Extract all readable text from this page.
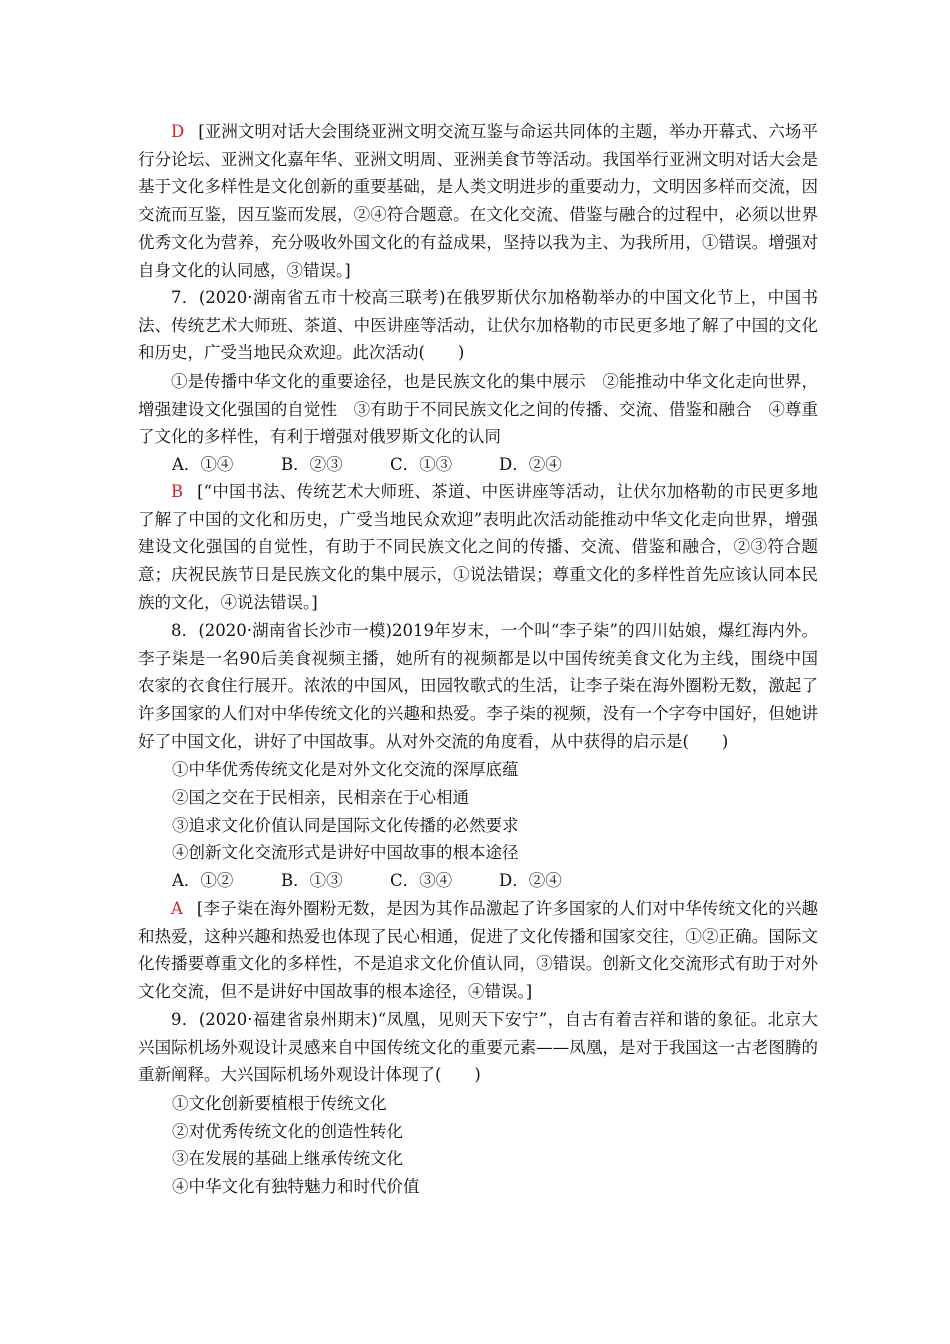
D [亚洲文明对话大会围绕亚洲文明交流互鉴与命运共同体的主题，举办开幕式、六场平行分论坛、亚洲文化嘉年华、亚洲文明周、亚洲美食节等活动。我国举行亚洲文明对话大会是基于文化多样性是文化创新的重要基础，是人类文明进步的重要动力，文明因多样而交流，因交流而互鉴，因互鉴而发展，②④符合题意。在文化交流、借鉴与融合的过程中，必须以世界优秀文化为营养，充分吸收外国文化的有益成果，坚持以我为主、为我所用，①错误。增强对自身文化的认同感，③错误。]

7．(2020·湖南省五市十校高三联考)在俄罗斯伏尔加格勒举办的中国文化节上，中国书法、传统艺术大师班、茶道、中医讲座等活动，让伏尔加格勒的市民更多地了解了中国的文化和历史，广受当地民众欢迎。此次活动(　　)

①是传播中华文化的重要途径，也是民族文化的集中展示　②能推动中华文化走向世界，增强建设文化强国的自觉性　③有助于不同民族文化之间的传播、交流、借鉴和融合　④尊重了文化的多样性，有利于增强对俄罗斯文化的认同

A．①④	B．②③	C．①③	D．②④

B [“中国书法、传统艺术大师班、茶道、中医讲座等活动，让伏尔加格勒的市民更多地了解了中国的文化和历史，广受当地民众欢迎”表明此次活动能推动中华文化走向世界，增强建设文化强国的自觉性，有助于不同民族文化之间的传播、交流、借鉴和融合，②③符合题意；庆祝民族节日是民族文化的集中展示，①说法错误；尊重文化的多样性首先应该认同本民族的文化，④说法错误。]

8．(2020·湖南省长沙市一模)2019年岁末，一个叫“李子柒”的四川姑娘，爆红海内外。李子柒是一名90后美食视频主播，她所有的视频都是以中国传统美食文化为主线，围绕中国农家的衣食住行展开。浓浓的中国风，田园牧歌式的生活，让李子柒在海外圈粉无数，激起了许多国家的人们对中华传统文化的兴趣和热爱。李子柒的视频，没有一个字夸中国好，但她讲好了中国文化，讲好了中国故事。从对外交流的角度看，从中获得的启示是(　　)

①中华优秀传统文化是对外文化交流的深厚底蕴

②国之交在于民相亲，民相亲在于心相通

③追求文化价值认同是国际文化传播的必然要求

④创新文化交流形式是讲好中国故事的根本途径

A．①②	B．①③	C．③④	D．②④

A [李子柒在海外圈粉无数，是因为其作品激起了许多国家的人们对中华传统文化的兴趣和热爱，这种兴趣和热爱也体现了民心相通，促进了文化传播和国家交往，①②正确。国际文化传播要尊重文化的多样性，不是追求文化价值认同，③错误。创新文化交流形式有助于对外文化交流，但不是讲好中国故事的根本途径，④错误。]

9．(2020·福建省泉州期末)“凤凰，见则天下安宁”，自古有着吉祥和谐的象征。北京大兴国际机场外观设计灵感来自中国传统文化的重要元素——凤凰，是对于我国这一古老图腾的重新阐释。大兴国际机场外观设计体现了(　　)

①文化创新要植根于传统文化

②对优秀传统文化的创造性转化

③在发展的基础上继承传统文化

④中华文化有独特魅力和时代价值
